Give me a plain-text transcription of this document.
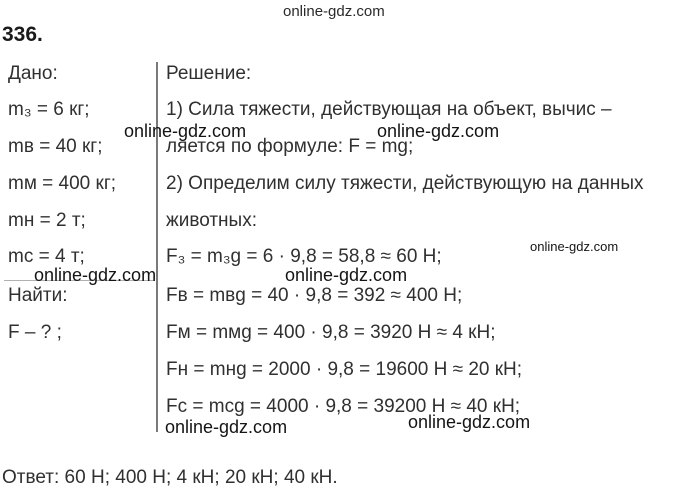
online-gdz.com
336.
Дано:
m₃ = 6 кг;
mв = 40 кг;
mм = 400 кг;
mн = 2 т;
mс = 4 т;
Найти:
F – ? ;
Решение:
1) Сила тяжести, действующая на объект, вычис –
ляется по формуле: F = mg;
2) Определим силу тяжести, действующую на данных
животных:
F₃ = m₃g = 6 · 9,8 = 58,8 ≈ 60 Н;
Fв = mвg = 40 · 9,8 = 392 ≈ 400 Н;
Fм = mмg = 400 · 9,8 = 3920 Н ≈ 4 кН;
Fн = mнg = 2000 · 9,8 = 19600 Н ≈ 20 кН;
Fс = mсg = 4000 · 9,8 = 39200 Н ≈ 40 кН;
Ответ: 60 Н; 400 Н; 4 кН; 20 кН; 40 кН.
online-gdz.com	online-gdz.com
online-gdz.com
online-gdz.com	online-gdz.com
online-gdz.com	online-gdz.com
